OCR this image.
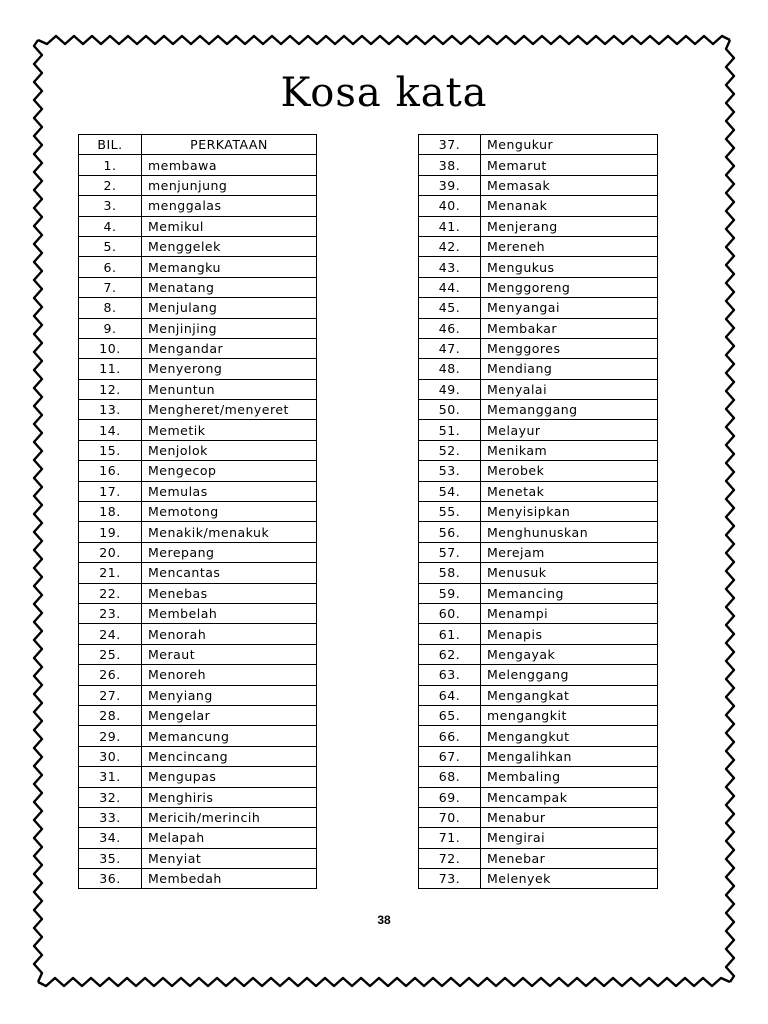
Kosa kata
BIL.	PERKATAAN
1.	membawa
2.	menjunjung
3.	menggalas
4.	Memikul
5.	Menggelek
6.	Memangku
7.	Menatang
8.	Menjulang
9.	Menjinjing
10.	Mengandar
11.	Menyerong
12.	Menuntun
13.	Mengheret/menyeret
14.	Memetik
15.	Menjolok
16.	Mengecop
17.	Memulas
18.	Memotong
19.	Menakik/menakuk
20.	Merepang
21.	Mencantas
22.	Menebas
23.	Membelah
24.	Menorah
25.	Meraut
26.	Menoreh
27.	Menyiang
28.	Mengelar
29.	Memancung
30.	Mencincang
31.	Mengupas
32.	Menghiris
33.	Mericih/merincih
34.	Melapah
35.	Menyiat
36.	Membedah
37.	Mengukur
38.	Memarut
39.	Memasak
40.	Menanak
41.	Menjerang
42.	Mereneh
43.	Mengukus
44.	Menggoreng
45.	Menyangai
46.	Membakar
47.	Menggores
48.	Mendiang
49.	Menyalai
50.	Memanggang
51.	Melayur
52.	Menikam
53.	Merobek
54.	Menetak
55.	Menyisipkan
56.	Menghunuskan
57.	Merejam
58.	Menusuk
59.	Memancing
60.	Menampi
61.	Menapis
62.	Mengayak
63.	Melenggang
64.	Mengangkat
65.	mengangkit
66.	Mengangkut
67.	Mengalihkan
68.	Membaling
69.	Mencampak
70.	Menabur
71.	Mengirai
72.	Menebar
73.	Melenyek
38
